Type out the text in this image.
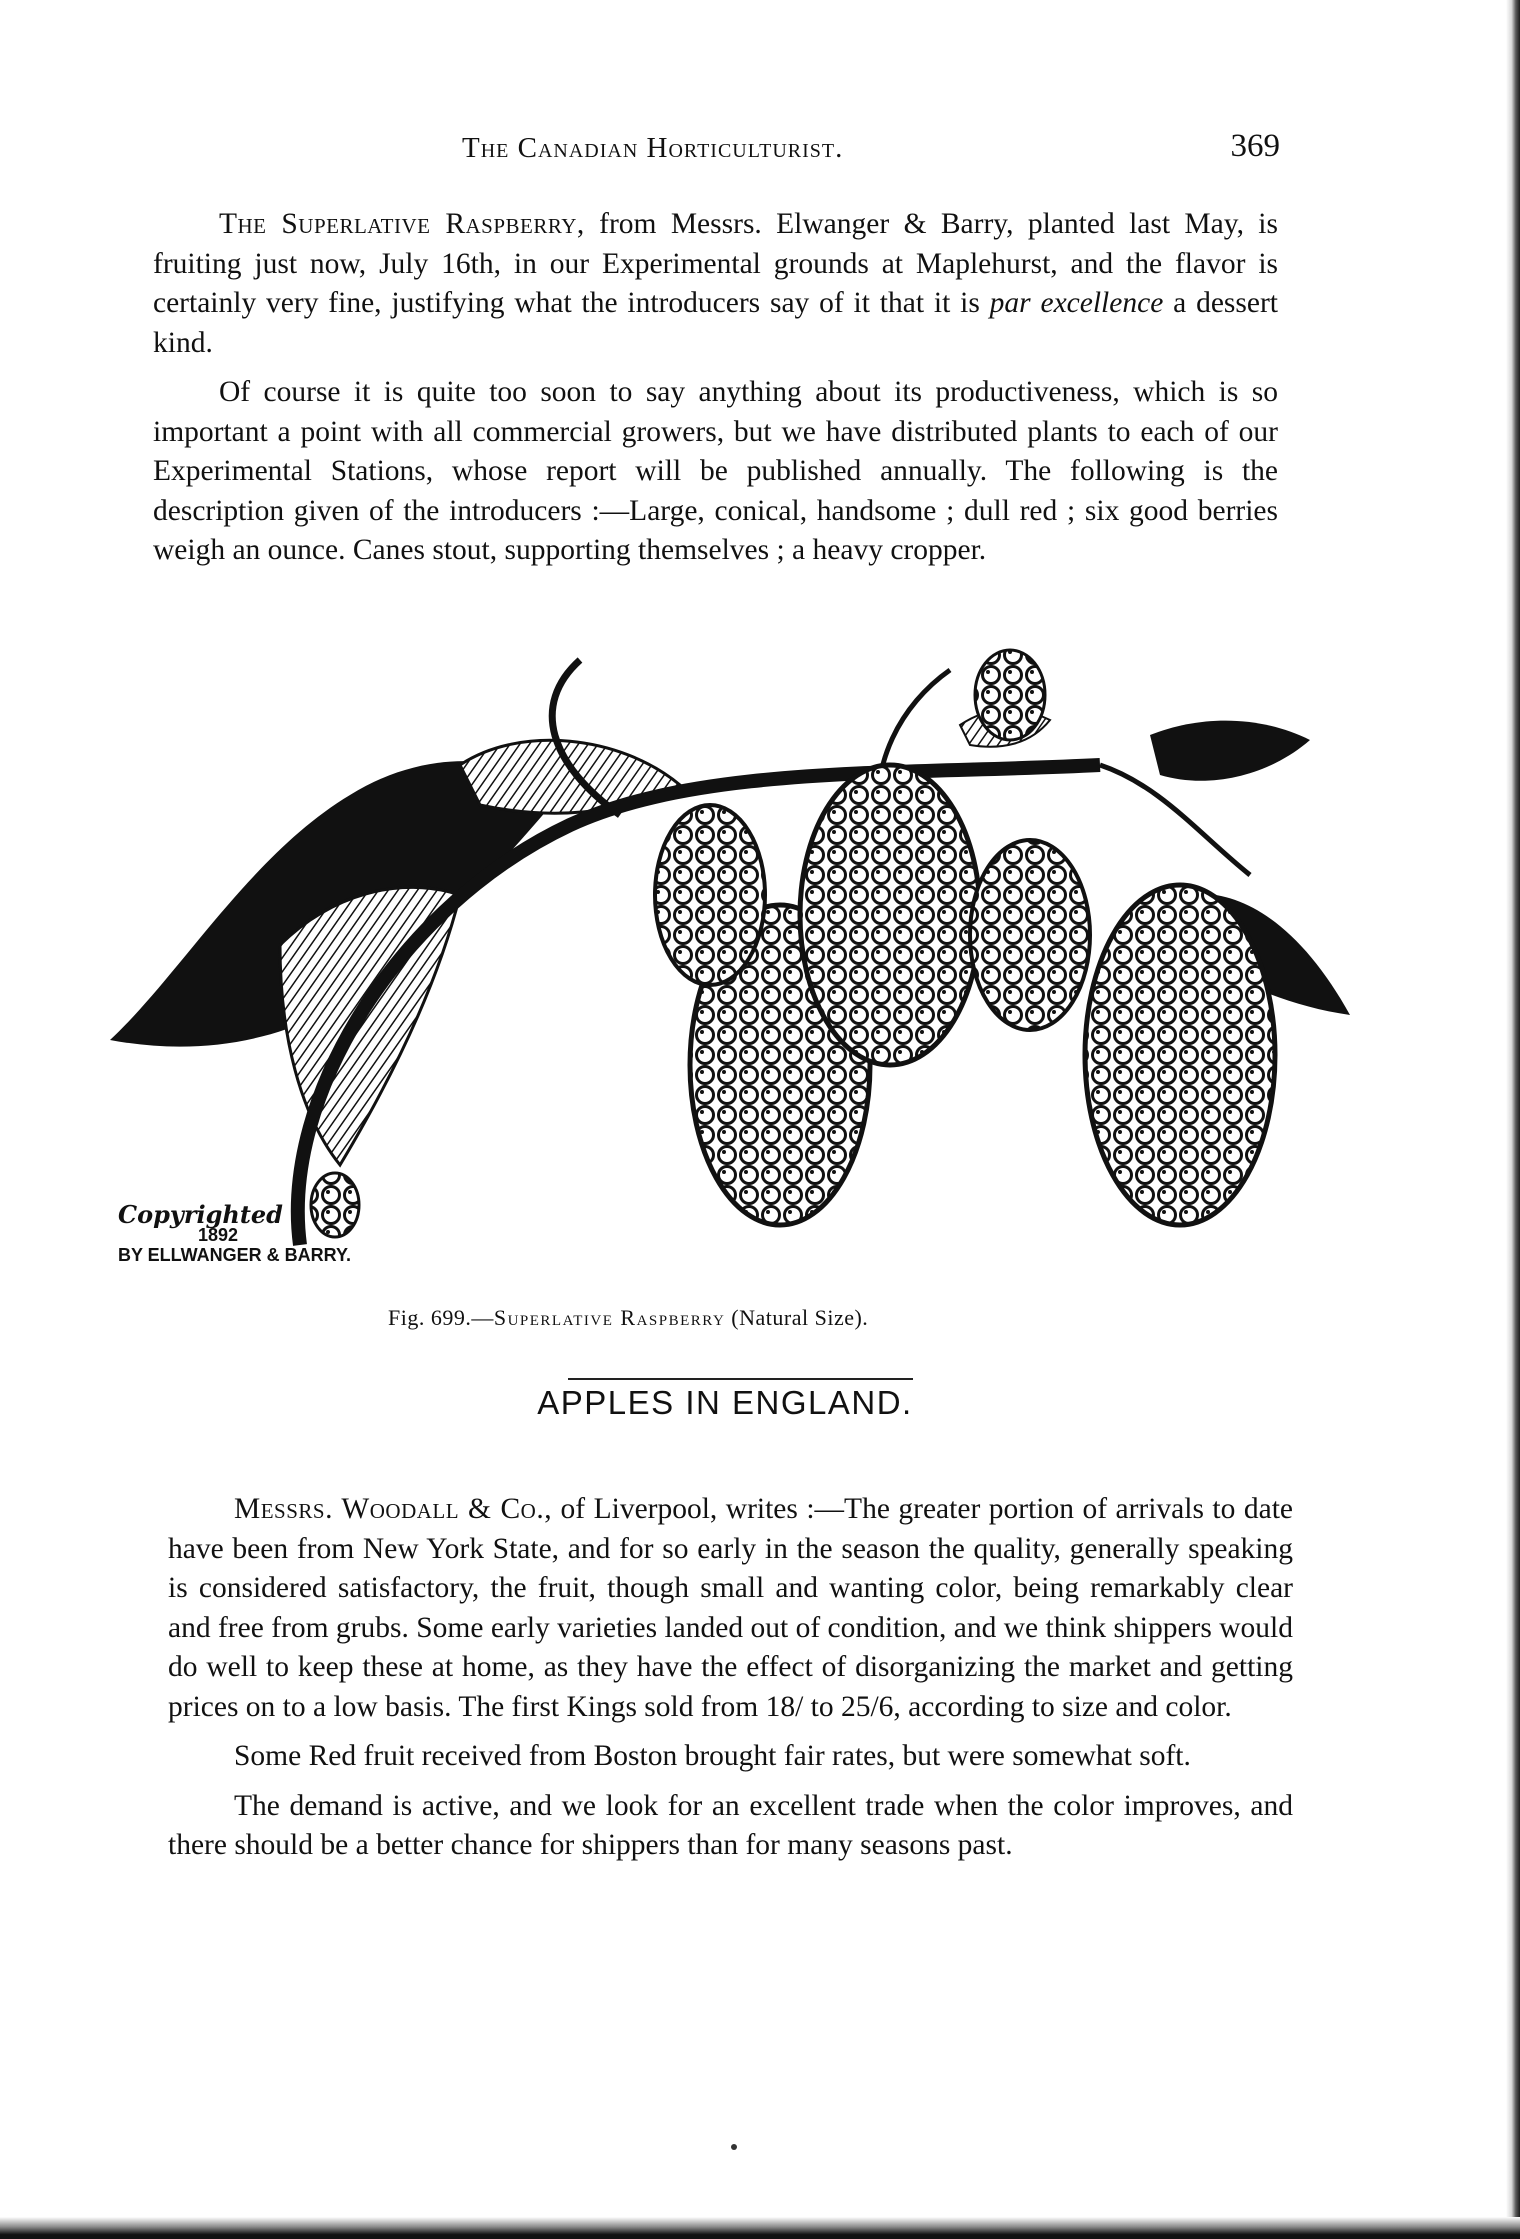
The Canadian Horticulturist.	369

The Superlative Raspberry, from Messrs. Elwanger & Barry, planted last May, is fruiting just now, July 16th, in our Experimental grounds at Maplehurst, and the flavor is certainly very fine, justifying what the introducers say of it that it is par excellence a dessert kind.

Of course it is quite too soon to say anything about its productiveness, which is so important a point with all commercial growers, but we have distributed plants to each of our Experimental Stations, whose report will be published annually. The following is the description given of the introducers :—Large, conical, handsome ; dull red ; six good berries weigh an ounce. Canes stout, supporting themselves ; a heavy cropper.

Copyrighted
1892
BY ELLWANGER & BARRY.
Fig. 699.—Superlative Raspberry (Natural Size).
APPLES IN ENGLAND.

Messrs. Woodall & Co., of Liverpool, writes :—The greater portion of arrivals to date have been from New York State, and for so early in the season the quality, generally speaking is considered satisfactory, the fruit, though small and wanting color, being remarkably clear and free from grubs. Some early varieties landed out of condition, and we think shippers would do well to keep these at home, as they have the effect of disorganizing the market and getting prices on to a low basis. The first Kings sold from 18/ to 25/6, according to size and color.

Some Red fruit received from Boston brought fair rates, but were somewhat soft.

The demand is active, and we look for an excellent trade when the color improves, and there should be a better chance for shippers than for many seasons past.
